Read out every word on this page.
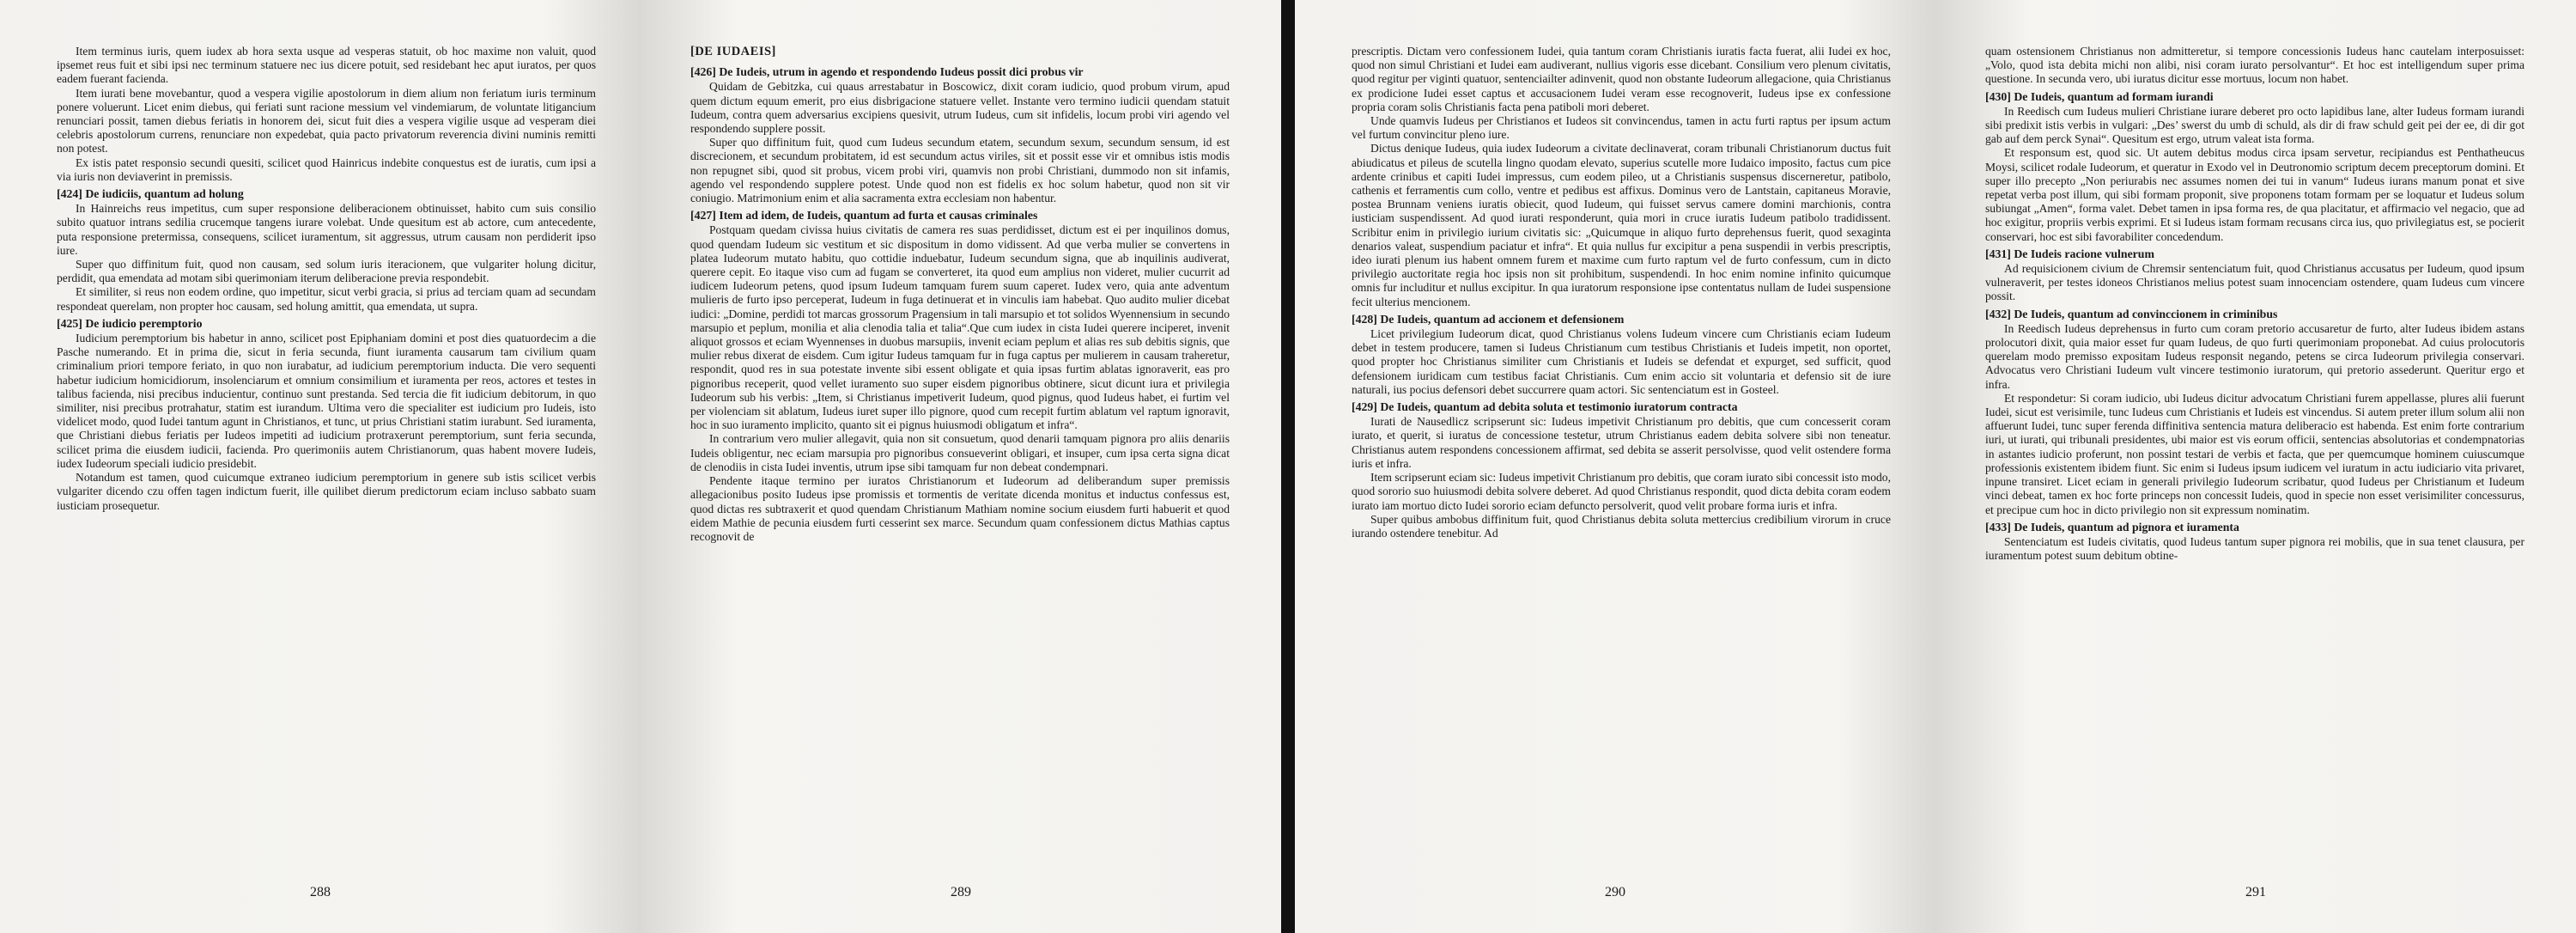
Item terminus iuris, quem iudex ab hora sexta usque ad vesperas statuit, ob hoc maxime non valuit, quod ipsemet reus fuit et sibi ipsi nec terminum statuere nec ius dicere potuit, sed residebant hec aput iuratos, per quos eadem fuerant facienda.

Item iurati bene movebantur, quod a vespera vigilie apostolorum in diem alium non feriatum iuris terminum ponere voluerunt. Licet enim diebus, qui feriati sunt racione messium vel vindemiarum, de voluntate litigancium renunciari possit, tamen diebus feriatis in honorem dei, sicut fuit dies a vespera vigilie usque ad vesperam diei celebris apostolorum currens, renunciare non expedebat, quia pacto privatorum reverencia divini numinis remitti non potest.

Ex istis patet responsio secundi quesiti, scilicet quod Hainricus indebite conquestus est de iuratis, cum ipsi a via iuris non deviaverint in premissis.

[424] De iudiciis, quantum ad holung

In Hainreichs reus impetitus, cum super responsione deliberacionem obtinuisset, habito cum suis consilio subito quatuor intrans sedilia crucemque tangens iurare volebat. Unde quesitum est ab actore, cum antecedente, puta responsione pretermissa, consequens, scilicet iuramentum, sit aggressus, utrum causam non perdiderit ipso iure.

Super quo diffinitum fuit, quod non causam, sed solum iuris iteracionem, que vulgariter holung dicitur, perdidit, qua emendata ad motam sibi querimoniam iterum deliberacione previa respondebit.

Et similiter, si reus non eodem ordine, quo impetitur, sicut verbi gracia, si prius ad terciam quam ad secundam respondeat querelam, non propter hoc causam, sed holung amittit, qua emendata, ut supra.

[425] De iudicio peremptorio

Iudicium peremptorium bis habetur in anno, scilicet post Epiphaniam domini et post dies quatuordecim a die Pasche numerando. Et in prima die, sicut in feria secunda, fiunt iuramenta causarum tam civilium quam criminalium priori tempore feriato, in quo non iurabatur, ad iudicium peremptorium inducta. Die vero sequenti habetur iudicium homicidiorum, insolenciarum et omnium consimilium et iuramenta per reos, actores et testes in talibus facienda, nisi precibus inducientur, continuo sunt prestanda. Sed tercia die fit iudicium debitorum, in quo similiter, nisi precibus protrahatur, statim est iurandum. Ultima vero die specialiter est iudicium pro Iudeis, isto videlicet modo, quod Iudei tantum agunt in Christianos, et tunc, ut prius Christiani statim iurabunt. Sed iuramenta, que Christiani diebus feriatis per Iudeos impetiti ad iudicium protraxerunt peremptorium, sunt feria secunda, scilicet prima die eiusdem iudicii, facienda. Pro querimoniis autem Christianorum, quas habent movere Iudeis, iudex Iudeorum speciali iudicio presidebit.

Notandum est tamen, quod cuicumque extraneo iudicium peremptorium in genere sub istis scilicet verbis vulgariter dicendo czu offen tagen indictum fuerit, ille quilibet dierum predictorum eciam incluso sabbato suam iusticiam prosequetur.

288
[DE IUDAEIS]
[426] De Iudeis, utrum in agendo et respondendo Iudeus possit dici probus vir

Quidam de Gebitzka, cui quaus arrestabatur in Boscowicz, dixit coram iudicio, quod probum virum, apud quem dictum equum emerit, pro eius disbrigacione statuere vellet. Instante vero termino iudicii quendam statuit Iudeum, contra quem adversarius excipiens quesivit, utrum Iudeus, cum sit infidelis, locum probi viri agendo vel respondendo supplere possit.

Super quo diffinitum fuit, quod cum Iudeus secundum etatem, secundum sexum, secundum sensum, id est discrecionem, et secundum probitatem, id est secundum actus viriles, sit et possit esse vir et omnibus istis modis non repugnet sibi, quod sit probus, vicem probi viri, quamvis non probi Christiani, dummodo non sit infamis, agendo vel respondendo supplere potest. Unde quod non est fidelis ex hoc solum habetur, quod non sit vir coniugio. Matrimonium enim et alia sacramenta extra ecclesiam non habentur.

[427] Item ad idem, de Iudeis, quantum ad furta et causas criminales

Postquam quedam civissa huius civitatis de camera res suas perdidisset, dictum est ei per inquilinos domus, quod quendam Iudeum sic vestitum et sic dispositum in domo vidissent. Ad que verba mulier se convertens in platea Iudeorum mutato habitu, quo cottidie induebatur, Iudeum secundum signa, que ab inquilinis audiverat, querere cepit. Eo itaque viso cum ad fugam se converteret, ita quod eum amplius non videret, mulier cucurrit ad iudicem Iudeorum petens, quod ipsum Iudeum tamquam furem suum caperet. Iudex vero, quia ante adventum mulieris de furto ipso perceperat, Iudeum in fuga detinuerat et in vinculis iam habebat. Quo audito mulier dicebat iudici: „Domine, perdidi tot marcas grossorum Pragensium in tali marsupio et tot solidos Wyennensium in secundo marsupio et peplum, monilia et alia clenodia talia et talia“.Que cum iudex in cista Iudei querere inciperet, invenit aliquot grossos et eciam Wyennenses in duobus marsupiis, invenit eciam peplum et alias res sub debitis signis, que mulier rebus dixerat de eisdem. Cum igitur Iudeus tamquam fur in fuga captus per mulierem in causam traheretur, respondit, quod res in sua potestate invente sibi essent obligate et quia ipsas furtim ablatas ignoraverit, eas pro pignoribus receperit, quod vellet iuramento suo super eisdem pignoribus obtinere, sicut dicunt iura et privilegia Iudeorum sub his verbis: „Item, si Christianus impetiverit Iudeum, quod pignus, quod Iudeus habet, ei furtim vel per violenciam sit ablatum, Iudeus iuret super illo pignore, quod cum recepit furtim ablatum vel raptum ignoravit, hoc in suo iuramento implicito, quanto sit ei pignus huiusmodi obligatum et infra“.

In contrarium vero mulier allegavit, quia non sit consuetum, quod denarii tamquam pignora pro aliis denariis Iudeis obligentur, nec eciam marsupia pro pignoribus consueverint obligari, et insuper, cum ipsa certa signa dicat de clenodiis in cista Iudei inventis, utrum ipse sibi tamquam fur non debeat condempnari.

Pendente itaque termino per iuratos Christianorum et Iudeorum ad deliberandum super premissis allegacionibus posito Iudeus ipse promissis et tormentis de veritate dicenda monitus et inductus confessus est, quod dictas res subtraxerit et quod quendam Christianum Mathiam nomine socium eiusdem furti habuerit et quod eidem Mathie de pecunia eiusdem furti cesserint sex marce. Secundum quam confessionem dictus Mathias captus recognovit de

289

prescriptis. Dictam vero confessionem Iudei, quia tantum coram Christianis iuratis facta fuerat, alii Iudei ex hoc, quod non simul Christiani et Iudei eam audiverant, nullius vigoris esse dicebant. Consilium vero plenum civitatis, quod regitur per viginti quatuor, sentenciailter adinvenit, quod non obstante Iudeorum allegacione, quia Christianus ex prodicione Iudei esset captus et accusacionem Iudei veram esse recognoverit, Iudeus ipse ex confessione propria coram solis Christianis facta pena patiboli mori deberet.

Unde quamvis Iudeus per Christianos et Iudeos sit convincendus, tamen in actu furti raptus per ipsum actum vel furtum convincitur pleno iure.

Dictus denique Iudeus, quia iudex Iudeorum a civitate declinaverat, coram tribunali Christianorum ductus fuit abiudicatus et pileus de scutella lingno quodam elevato, superius scutelle more Iudaico imposito, factus cum pice ardente crinibus et capiti Iudei impressus, cum eodem pileo, ut a Christianis suspensus discerneretur, patibolo, cathenis et ferramentis cum collo, ventre et pedibus est affixus. Dominus vero de Lantstain, capitaneus Moravie, postea Brunnam veniens iuratis obiecit, quod Iudeum, qui fuisset servus camere domini marchionis, contra iusticiam suspendissent. Ad quod iurati responderunt, quia mori in cruce iuratis Iudeum patibolo tradidissent. Scribitur enim in privilegio iurium civitatis sic: „Quicumque in aliquo furto deprehensus fuerit, quod sexaginta denarios valeat, suspendium paciatur et infra“. Et quia nullus fur excipitur a pena suspendii in verbis prescriptis, ideo iurati plenum ius habent omnem furem et maxime cum furto raptum vel de furto confessum, cum in dicto privilegio auctoritate regia hoc ipsis non sit prohibitum, suspendendi. In hoc enim nomine infinito quicumque omnis fur includitur et nullus excipitur. In qua iuratorum responsione ipse contentatus nullam de Iudei suspensione fecit ulterius mencionem.

[428] De Iudeis, quantum ad accionem et defensionem

Licet privilegium Iudeorum dicat, quod Christianus volens Iudeum vincere cum Christianis eciam Iudeum debet in testem producere, tamen si Iudeus Christianum cum testibus Christianis et Iudeis impetit, non oportet, quod propter hoc Christianus similiter cum Christianis et Iudeis se defendat et expurget, sed sufficit, quod defensionem iuridicam cum testibus faciat Christianis. Cum enim accio sit voluntaria et defensio sit de iure naturali, ius pocius defensori debet succurrere quam actori. Sic sentenciatum est in Gosteel.

[429] De Iudeis, quantum ad debita soluta et testimonio iuratorum contracta

Iurati de Nausedlicz scripserunt sic: Iudeus impetivit Christianum pro debitis, que cum concesserit coram iurato, et querit, si iuratus de concessione testetur, utrum Christianus eadem debita solvere sibi non teneatur. Christianus autem respondens concessionem affirmat, sed debita se asserit persolvisse, quod velit ostendere forma iuris et infra.

Item scripserunt eciam sic: Iudeus impetivit Christianum pro debitis, que coram iurato sibi concessit isto modo, quod sororio suo huiusmodi debita solvere deberet. Ad quod Christianus respondit, quod dicta debita coram eodem iurato iam mortuo dicto Iudei sororio eciam defuncto persolverit, quod velit probare forma iuris et infra.

Super quibus ambobus diffinitum fuit, quod Christianus debita soluta mettercius credibilium virorum in cruce iurando ostendere tenebitur. Ad

290

quam ostensionem Christianus non admitteretur, si tempore concessionis Iudeus hanc cautelam interposuisset: „Volo, quod ista debita michi non alibi, nisi coram iurato persolvantur“. Et hoc est intelligendum super prima questione. In secunda vero, ubi iuratus dicitur esse mortuus, locum non habet.

[430] De Iudeis, quantum ad formam iurandi

In Reedisch cum Iudeus mulieri Christiane iurare deberet pro octo lapidibus lane, alter Iudeus formam iurandi sibi predixit istis verbis in vulgari: „Des’ swerst du umb di schuld, als dir di fraw schuld geit pei der ee, di dir got gab auf dem perck Synai“. Quesitum est ergo, utrum valeat ista forma.

Et responsum est, quod sic. Ut autem debitus modus circa ipsam servetur, recipiandus est Penthatheucus Moysi, scilicet rodale Iudeorum, et queratur in Exodo vel in Deutronomio scriptum decem preceptorum domini. Et super illo precepto „Non periurabis nec assumes nomen dei tui in vanum“ Iudeus iurans manum ponat et sive repetat verba post illum, qui sibi formam proponit, sive proponens totam formam per se loquatur et Iudeus solum subiungat „Amen“, forma valet. Debet tamen in ipsa forma res, de qua placitatur, et affirmacio vel negacio, que ad hoc exigitur, propriis verbis exprimi. Et si Iudeus istam formam recusans circa ius, quo privilegiatus est, se pocierit conservari, hoc est sibi favorabiliter concedendum.

[431] De Iudeis racione vulnerum

Ad requisicionem civium de Chremsir sentenciatum fuit, quod Christianus accusatus per Iudeum, quod ipsum vulneraverit, per testes idoneos Christianos melius potest suam innocenciam ostendere, quam Iudeus cum vincere possit.

[432] De Iudeis, quantum ad convinccionem in criminibus

In Reedisch Iudeus deprehensus in furto cum coram pretorio accusaretur de furto, alter Iudeus ibidem astans prolocutori dixit, quia maior esset fur quam Iudeus, de quo furti querimoniam proponebat. Ad cuius prolocutoris querelam modo premisso expositam Iudeus responsit negando, petens se circa Iudeorum privilegia conservari. Advocatus vero Christiani Iudeum vult vincere testimonio iuratorum, qui pretorio assederunt. Queritur ergo et infra.

Et respondetur: Si coram iudicio, ubi Iudeus dicitur advocatum Christiani furem appellasse, plures alii fuerunt Iudei, sicut est verisimile, tunc Iudeus cum Christianis et Iudeis est vincendus. Si autem preter illum solum alii non affuerunt Iudei, tunc super ferenda diffinitiva sentencia matura deliberacio est habenda. Est enim forte contrarium iuri, ut iurati, qui tribunali presidentes, ubi maior est vis eorum officii, sentencias absolutorias et condempnatorias in astantes iudicio proferunt, non possint testari de verbis et facta, que per quemcumque hominem cuiuscumque professionis existentem ibidem fiunt. Sic enim si Iudeus ipsum iudicem vel iuratum in actu iudiciario vita privaret, inpune transiret. Licet eciam in generali privilegio Iudeorum scribatur, quod Iudeus per Christianum et Iudeum vinci debeat, tamen ex hoc forte princeps non concessit Iudeis, quod in specie non esset verisimiliter concessurus, et precipue cum hoc in dicto privilegio non sit expressum nominatim.

[433] De Iudeis, quantum ad pignora et iuramenta

Sentenciatum est Iudeis civitatis, quod Iudeus tantum super pignora rei mobilis, que in sua tenet clausura, per iuramentum potest suum debitum obtine-

291
